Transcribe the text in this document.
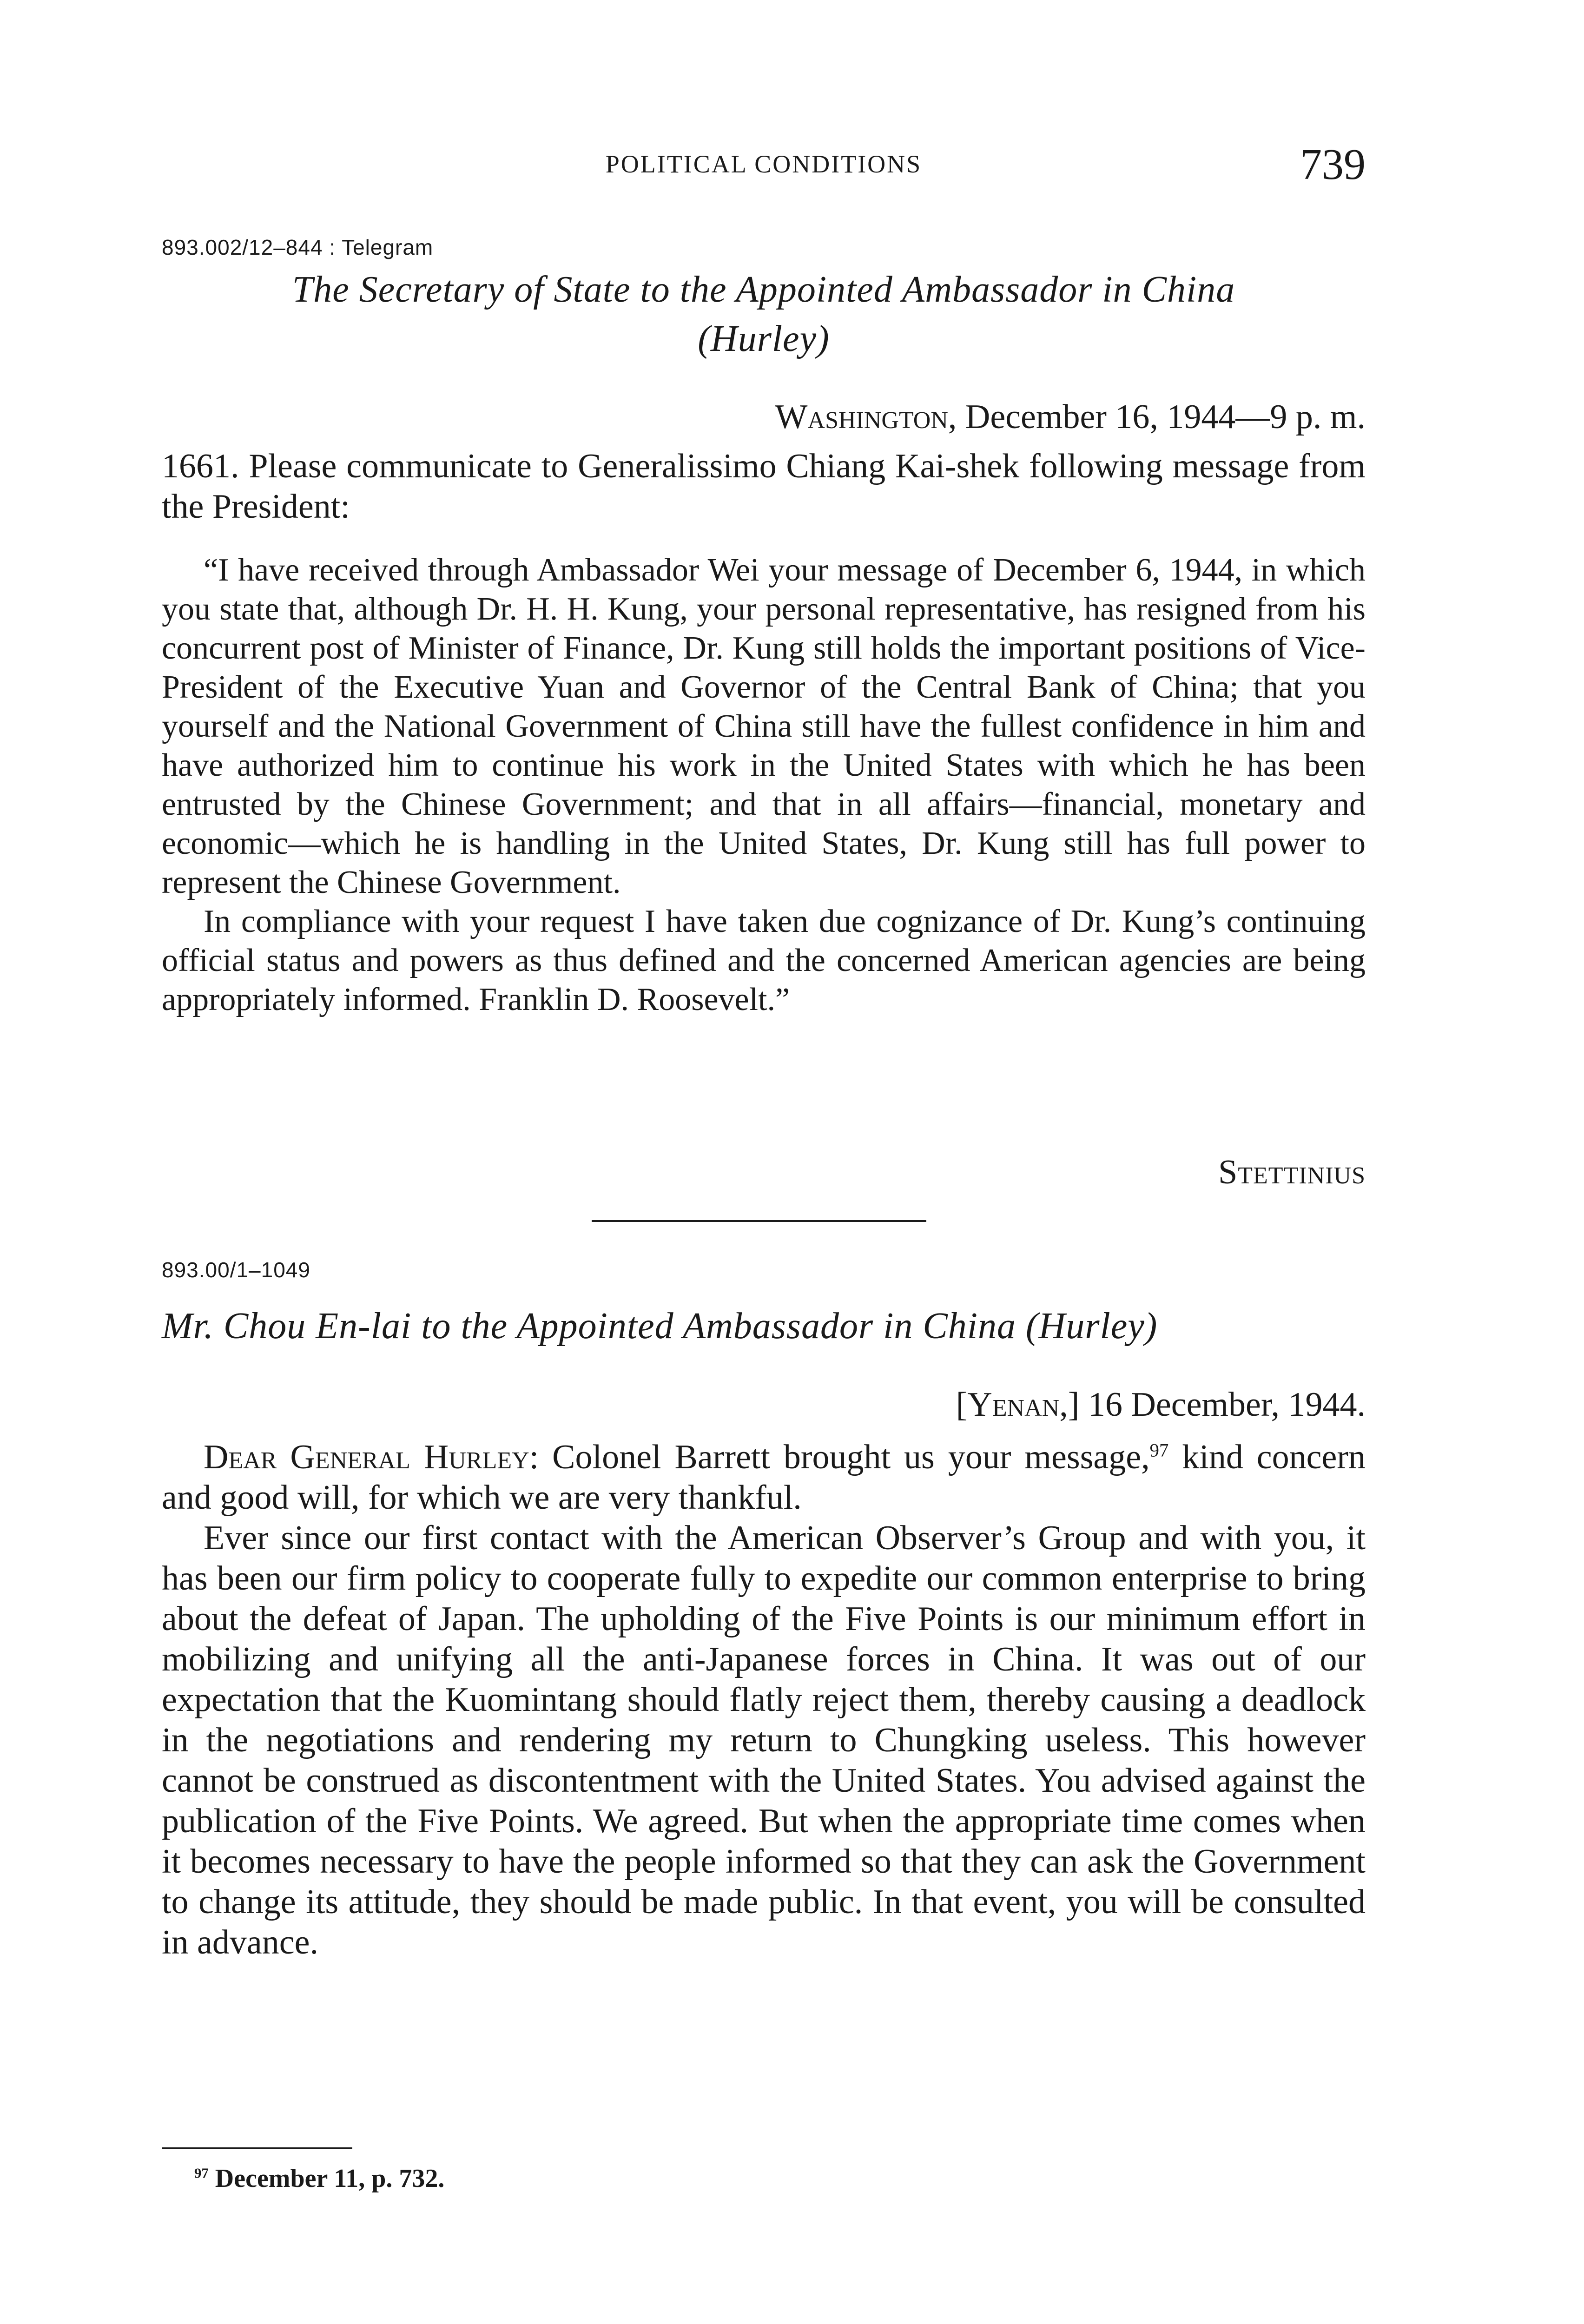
POLITICAL CONDITIONS	739
893.002/12–844 : Telegram
The Secretary of State to the Appointed Ambassador in China
(Hurley)
Washington, December 16, 1944—9 p. m.

1661. Please communicate to Generalissimo Chiang Kai-shek following message from the President:

“I have received through Ambassador Wei your message of December 6, 1944, in which you state that, although Dr. H. H. Kung, your personal representative, has resigned from his concurrent post of Minister of Finance, Dr. Kung still holds the important positions of Vice-President of the Executive Yuan and Governor of the Central Bank of China; that you yourself and the National Government of China still have the fullest confidence in him and have authorized him to continue his work in the United States with which he has been entrusted by the Chinese Government; and that in all affairs—financial, monetary and economic—which he is handling in the United States, Dr. Kung still has full power to represent the Chinese Government.

In compliance with your request I have taken due cognizance of Dr. Kung’s continuing official status and powers as thus defined and the concerned American agencies are being appropriately informed. Franklin D. Roosevelt.”

Stettinius
893.00/1–1049
Mr. Chou En-lai to the Appointed Ambassador in China (Hurley)
[Yenan,] 16 December, 1944.

Dear General Hurley: Colonel Barrett brought us your message,$^{97}$ kind concern and good will, for which we are very thankful.

Ever since our first contact with the American Observer’s Group and with you, it has been our firm policy to cooperate fully to expedite our common enterprise to bring about the defeat of Japan. The upholding of the Five Points is our minimum effort in mobilizing and unifying all the anti-Japanese forces in China. It was out of our expectation that the Kuomintang should flatly reject them, thereby causing a deadlock in the negotiations and rendering my return to Chungking useless. This however cannot be construed as discontentment with the United States. You advised against the publication of the Five Points. We agreed. But when the appropriate time comes when it becomes necessary to have the people informed so that they can ask the Government to change its attitude, they should be made public. In that event, you will be consulted in advance.

$^{97}$ December 11, p. 732.
